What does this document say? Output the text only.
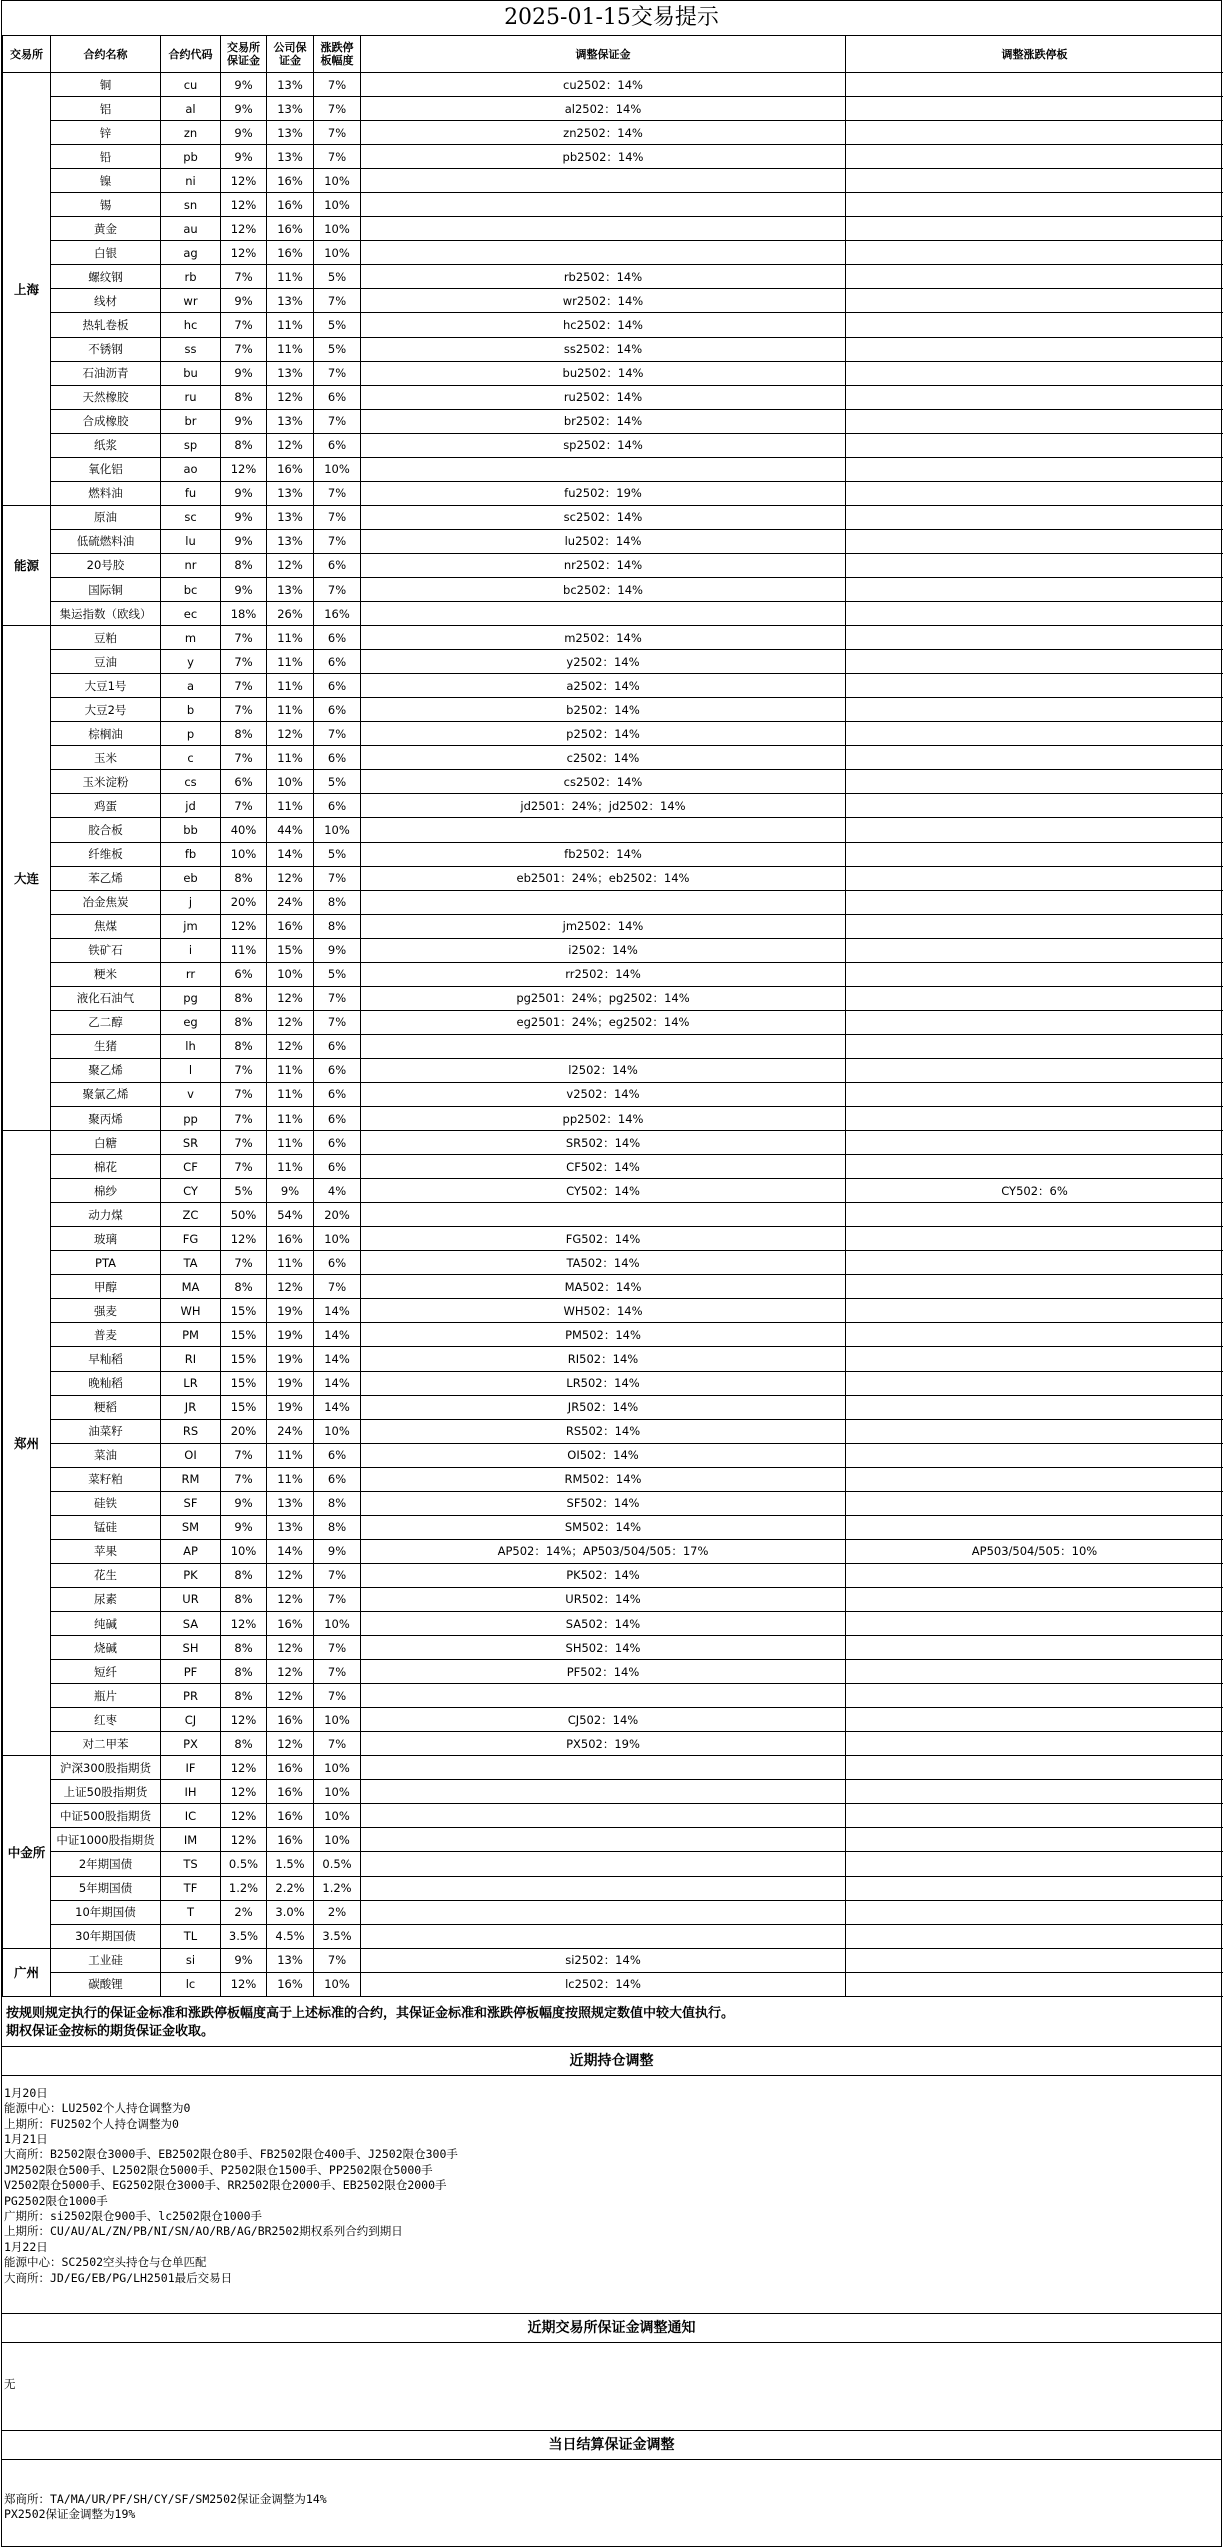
2025-01-15交易提示
交易所	合约名称	合约代码	交易所保证金	公司保证金	涨跌停板幅度	调整保证金	调整涨跌停板
上海	铜	cu	9%	13%	7%	cu2502：14%	
	铝	al	9%	13%	7%	al2502：14%	
	锌	zn	9%	13%	7%	zn2502：14%	
	铅	pb	9%	13%	7%	pb2502：14%	
	镍	ni	12%	16%	10%		
	锡	sn	12%	16%	10%		
	黄金	au	12%	16%	10%		
	白银	ag	12%	16%	10%		
	螺纹钢	rb	7%	11%	5%	rb2502：14%	
	线材	wr	9%	13%	7%	wr2502：14%	
	热轧卷板	hc	7%	11%	5%	hc2502：14%	
	不锈钢	ss	7%	11%	5%	ss2502：14%	
	石油沥青	bu	9%	13%	7%	bu2502：14%	
	天然橡胶	ru	8%	12%	6%	ru2502：14%	
	合成橡胶	br	9%	13%	7%	br2502：14%	
	纸浆	sp	8%	12%	6%	sp2502：14%	
	氧化铝	ao	12%	16%	10%		
	燃料油	fu	9%	13%	7%	fu2502：19%	
能源	原油	sc	9%	13%	7%	sc2502：14%	
	低硫燃料油	lu	9%	13%	7%	lu2502：14%	
	20号胶	nr	8%	12%	6%	nr2502：14%	
	国际铜	bc	9%	13%	7%	bc2502：14%	
	集运指数（欧线）	ec	18%	26%	16%		
大连	豆粕	m	7%	11%	6%	m2502：14%	
	豆油	y	7%	11%	6%	y2502：14%	
	大豆1号	a	7%	11%	6%	a2502：14%	
	大豆2号	b	7%	11%	6%	b2502：14%	
	棕榈油	p	8%	12%	7%	p2502：14%	
	玉米	c	7%	11%	6%	c2502：14%	
	玉米淀粉	cs	6%	10%	5%	cs2502：14%	
	鸡蛋	jd	7%	11%	6%	jd2501：24%；jd2502：14%	
	胶合板	bb	40%	44%	10%		
	纤维板	fb	10%	14%	5%	fb2502：14%	
	苯乙烯	eb	8%	12%	7%	eb2501：24%；eb2502：14%	
	冶金焦炭	j	20%	24%	8%		
	焦煤	jm	12%	16%	8%	jm2502：14%	
	铁矿石	i	11%	15%	9%	i2502：14%	
	粳米	rr	6%	10%	5%	rr2502：14%	
	液化石油气	pg	8%	12%	7%	pg2501：24%；pg2502：14%	
	乙二醇	eg	8%	12%	7%	eg2501：24%；eg2502：14%	
	生猪	lh	8%	12%	6%		
	聚乙烯	l	7%	11%	6%	l2502：14%	
	聚氯乙烯	v	7%	11%	6%	v2502：14%	
	聚丙烯	pp	7%	11%	6%	pp2502：14%	
郑州	白糖	SR	7%	11%	6%	SR502：14%	
	棉花	CF	7%	11%	6%	CF502：14%	
	棉纱	CY	5%	9%	4%	CY502：14%	CY502：6%
	动力煤	ZC	50%	54%	20%		
	玻璃	FG	12%	16%	10%	FG502：14%	
	PTA	TA	7%	11%	6%	TA502：14%	
	甲醇	MA	8%	12%	7%	MA502：14%	
	强麦	WH	15%	19%	14%	WH502：14%	
	普麦	PM	15%	19%	14%	PM502：14%	
	早籼稻	RI	15%	19%	14%	RI502：14%	
	晚籼稻	LR	15%	19%	14%	LR502：14%	
	粳稻	JR	15%	19%	14%	JR502：14%	
	油菜籽	RS	20%	24%	10%	RS502：14%	
	菜油	OI	7%	11%	6%	OI502：14%	
	菜籽粕	RM	7%	11%	6%	RM502：14%	
	硅铁	SF	9%	13%	8%	SF502：14%	
	锰硅	SM	9%	13%	8%	SM502：14%	
	苹果	AP	10%	14%	9%	AP502：14%；AP503/504/505：17%	AP503/504/505：10%
	花生	PK	8%	12%	7%	PK502：14%	
	尿素	UR	8%	12%	7%	UR502：14%	
	纯碱	SA	12%	16%	10%	SA502：14%	
	烧碱	SH	8%	12%	7%	SH502：14%	
	短纤	PF	8%	12%	7%	PF502：14%	
	瓶片	PR	8%	12%	7%		
	红枣	CJ	12%	16%	10%	CJ502：14%	
	对二甲苯	PX	8%	12%	7%	PX502：19%	
中金所	沪深300股指期货	IF	12%	16%	10%		
	上证50股指期货	IH	12%	16%	10%		
	中证500股指期货	IC	12%	16%	10%		
	中证1000股指期货	IM	12%	16%	10%		
	2年期国债	TS	0.5%	1.5%	0.5%		
	5年期国债	TF	1.2%	2.2%	1.2%		
	10年期国债	T	2%	3.0%	2%		
	30年期国债	TL	3.5%	4.5%	3.5%		
广州	工业硅	si	9%	13%	7%	si2502：14%	
	碳酸锂	lc	12%	16%	10%	lc2502：14%	
按规则规定执行的保证金标准和涨跌停板幅度高于上述标准的合约，其保证金标准和涨跌停板幅度按照规定数值中较大值执行。
期权保证金按标的期货保证金收取。
近期持仓调整
1月20日
能源中心：LU2502个人持仓调整为0
上期所：FU2502个人持仓调整为0
1月21日
大商所：B2502限仓3000手、EB2502限仓80手、FB2502限仓400手、J2502限仓300手
JM2502限仓500手、L2502限仓5000手、P2502限仓1500手、PP2502限仓5000手
V2502限仓5000手、EG2502限仓3000手、RR2502限仓2000手、EB2502限仓2000手
PG2502限仓1000手
广期所：si2502限仓900手、lc2502限仓1000手
上期所：CU/AU/AL/ZN/PB/NI/SN/AO/RB/AG/BR2502期权系列合约到期日
1月22日
能源中心：SC2502空头持仓与仓单匹配
大商所：JD/EG/EB/PG/LH2501最后交易日
近期交易所保证金调整通知
无
当日结算保证金调整
郑商所：TA/MA/UR/PF/SH/CY/SF/SM2502保证金调整为14%
PX2502保证金调整为19%
